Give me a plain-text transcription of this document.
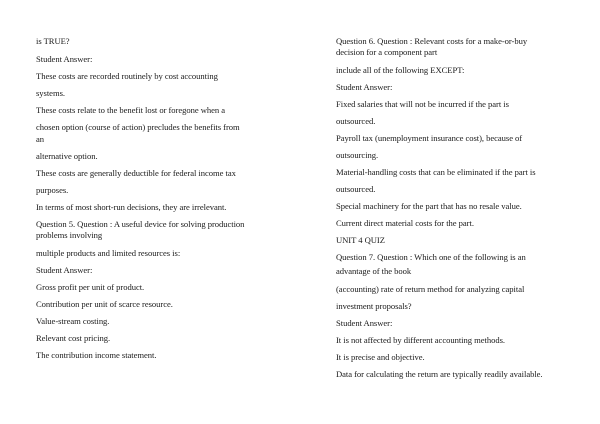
is TRUE?
Student Answer:
These costs are recorded routinely by cost accounting
systems.
These costs relate to the benefit lost or foregone when a
chosen option (course of action) precludes the benefits from
an
alternative option.
These costs are generally deductible for federal income tax
purposes.
In terms of most short-run decisions, they are irrelevant.
Question 5. Question : A useful device for solving production
problems involving
multiple products and limited resources is:
Student Answer:
Gross profit per unit of product.
Contribution per unit of scarce resource.
Value-stream costing.
Relevant cost pricing.
The contribution income statement.
Question 6. Question : Relevant costs for a make-or-buy
decision for a component part
include all of the following EXCEPT:
Student Answer:
Fixed salaries that will not be incurred if the part is
outsourced.
Payroll tax (unemployment insurance cost), because of
outsourcing.
Material-handling costs that can be eliminated if the part is
outsourced.
Special machinery for the part that has no resale value.
Current direct material costs for the part.
UNIT 4 QUIZ
Question 7. Question : Which one of the following is an
advantage of the book
(accounting) rate of return method for analyzing capital
investment proposals?
Student Answer:
It is not affected by different accounting methods.
It is precise and objective.
Data for calculating the return are typically readily available.
